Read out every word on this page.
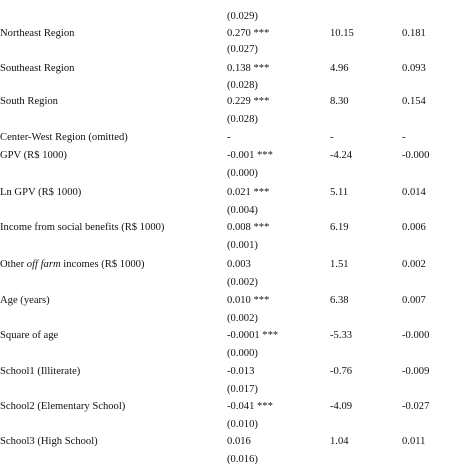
(0.029)
Northeast Region	0.270 ***	10.15	0.181
(0.027)
Southeast Region	0.138 ***	4.96	0.093
(0.028)
South Region	0.229 ***	8.30	0.154
(0.028)
Center-West Region (omitted)	-	-	-
GPV (R$ 1000)	-0.001 ***	-4.24	-0.000
(0.000)
Ln GPV (R$ 1000)	0.021 ***	5.11	0.014
(0.004)
Income from social benefits (R$ 1000)	0.008 ***	6.19	0.006
(0.001)
Other off farm incomes (R$ 1000)	0.003	1.51	0.002
(0.002)
Age (years)	0.010 ***	6.38	0.007
(0.002)
Square of age	-0.0001 ***	-5.33	-0.000
(0.000)
School1 (Illiterate)	-0.013	-0.76	-0.009
(0.017)
School2 (Elementary School)	-0.041 ***	-4.09	-0.027
(0.010)
School3 (High School)	0.016	1.04	0.011
(0.016)
